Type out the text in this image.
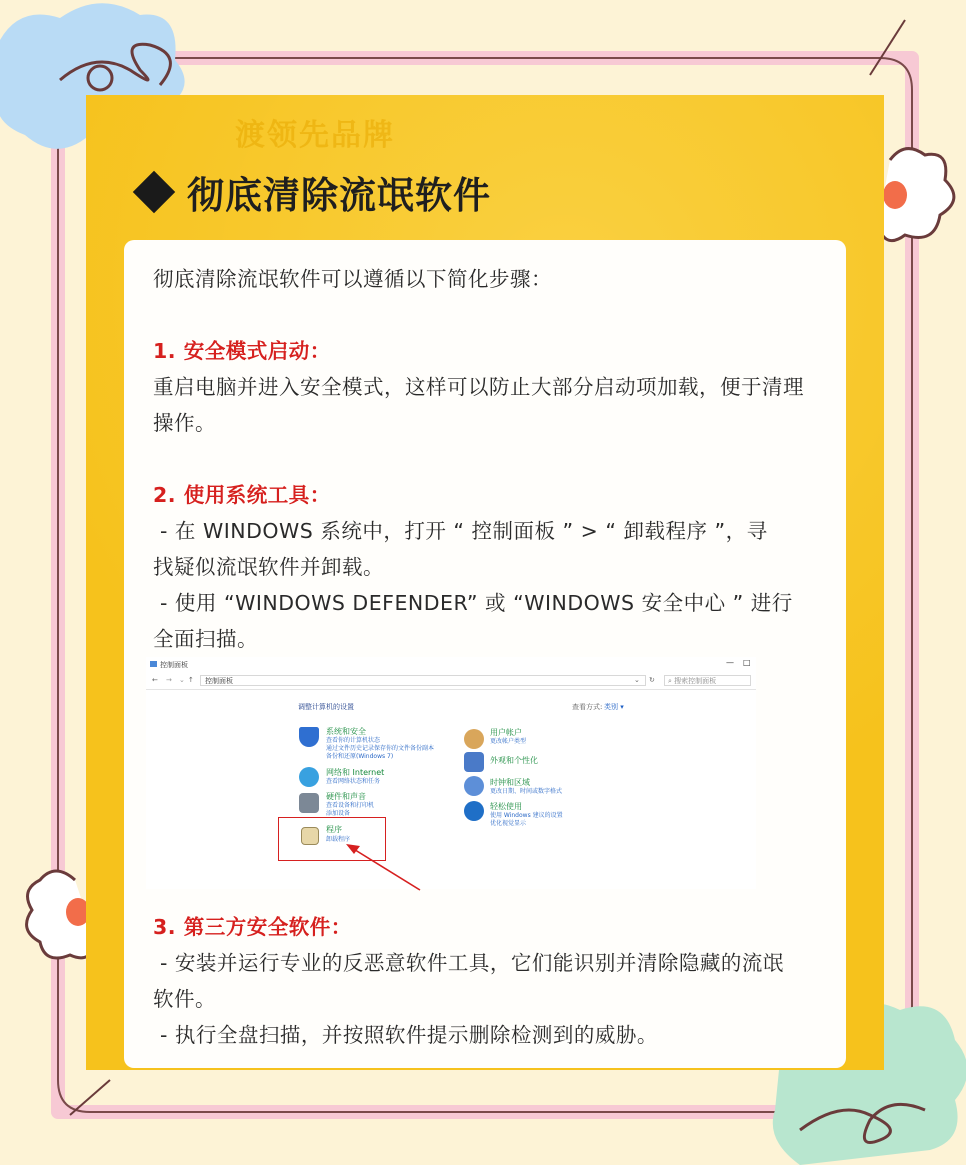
渡领先品牌
彻底清除流氓软件
彻底清除流氓软件可以遵循以下简化步骤：
1. 安全模式启动：
重启电脑并进入安全模式，这样可以防止大部分启动项加载，便于清理
操作。
2. 使用系统工具：
- 在 WINDOWS 系统中，打开 “ 控制面板 ” > “ 卸载程序 ”，寻
找疑似流氓软件并卸载。
- 使用 “WINDOWS DEFENDER” 或 “WINDOWS 安全中心 ” 进行
全面扫描。
控制面板	— □
← → ⌄ ↑	控制面板	⌄ ↻	⌕ 搜索控制面板
调整计算机的设置	查看方式: 类别 ▾
系统和安全
查看你的计算机状态
通过文件历史记录保存你的文件备份副本
备份和还原(Windows 7)
网络和 Internet
查看网络状态和任务
硬件和声音
查看设备和打印机
添加设备
程序
卸载程序
用户帐户
更改帐户类型
外观和个性化
时钟和区域
更改日期、时间或数字格式
轻松使用
使用 Windows 建议的设置
优化视觉显示
3. 第三方安全软件：
- 安装并运行专业的反恶意软件工具，它们能识别并清除隐藏的流氓
软件。
- 执行全盘扫描，并按照软件提示删除检测到的威胁。
